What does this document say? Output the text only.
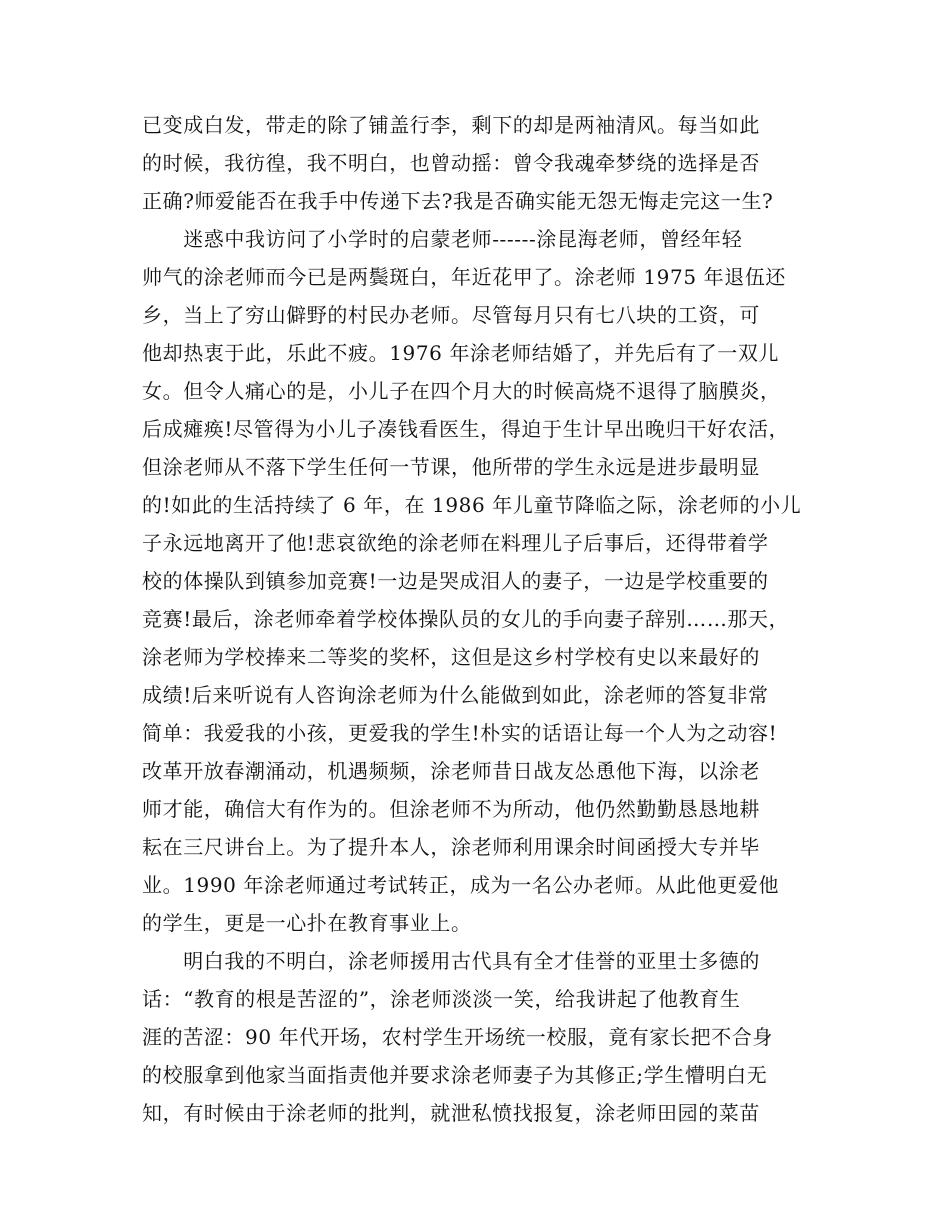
已变成白发，带走的除了铺盖行李，剩下的却是两袖清风。每当如此
的时候，我彷徨，我不明白，也曾动摇：曾令我魂牵梦绕的选择是否
正确?师爱能否在我手中传递下去?我是否确实能无怨无悔走完这一生?
　　迷惑中我访问了小学时的启蒙老师------涂昆海老师，曾经年轻
帅气的涂老师而今已是两鬓斑白，年近花甲了。涂老师 1975 年退伍还
乡，当上了穷山僻野的村民办老师。尽管每月只有七八块的工资，可
他却热衷于此，乐此不疲。1976 年涂老师结婚了，并先后有了一双儿
女。但令人痛心的是，小儿子在四个月大的时候高烧不退得了脑膜炎，
后成瘫痪!尽管得为小儿子凑钱看医生，得迫于生计早出晚归干好农活，
但涂老师从不落下学生任何一节课，他所带的学生永远是进步最明显
的!如此的生活持续了 6 年，在 1986 年儿童节降临之际，涂老师的小儿
子永远地离开了他!悲哀欲绝的涂老师在料理儿子后事后，还得带着学
校的体操队到镇参加竞赛!一边是哭成泪人的妻子，一边是学校重要的
竞赛!最后，涂老师牵着学校体操队员的女儿的手向妻子辞别……那天，
涂老师为学校捧来二等奖的奖杯，这但是这乡村学校有史以来最好的
成绩!后来听说有人咨询涂老师为什么能做到如此，涂老师的答复非常
简单：我爱我的小孩，更爱我的学生!朴实的话语让每一个人为之动容!
改革开放春潮涌动，机遇频频，涂老师昔日战友怂恿他下海，以涂老
师才能，确信大有作为的。但涂老师不为所动，他仍然勤勤恳恳地耕
耘在三尺讲台上。为了提升本人，涂老师利用课余时间函授大专并毕
业。1990 年涂老师通过考试转正，成为一名公办老师。从此他更爱他
的学生，更是一心扑在教育事业上。
　　明白我的不明白，涂老师援用古代具有全才佳誉的亚里士多德的
话：“教育的根是苦涩的”，涂老师淡淡一笑，给我讲起了他教育生
涯的苦涩：90 年代开场，农村学生开场统一校服，竟有家长把不合身
的校服拿到他家当面指责他并要求涂老师妻子为其修正;学生懵明白无
知，有时候由于涂老师的批判，就泄私愤找报复，涂老师田园的菜苗
